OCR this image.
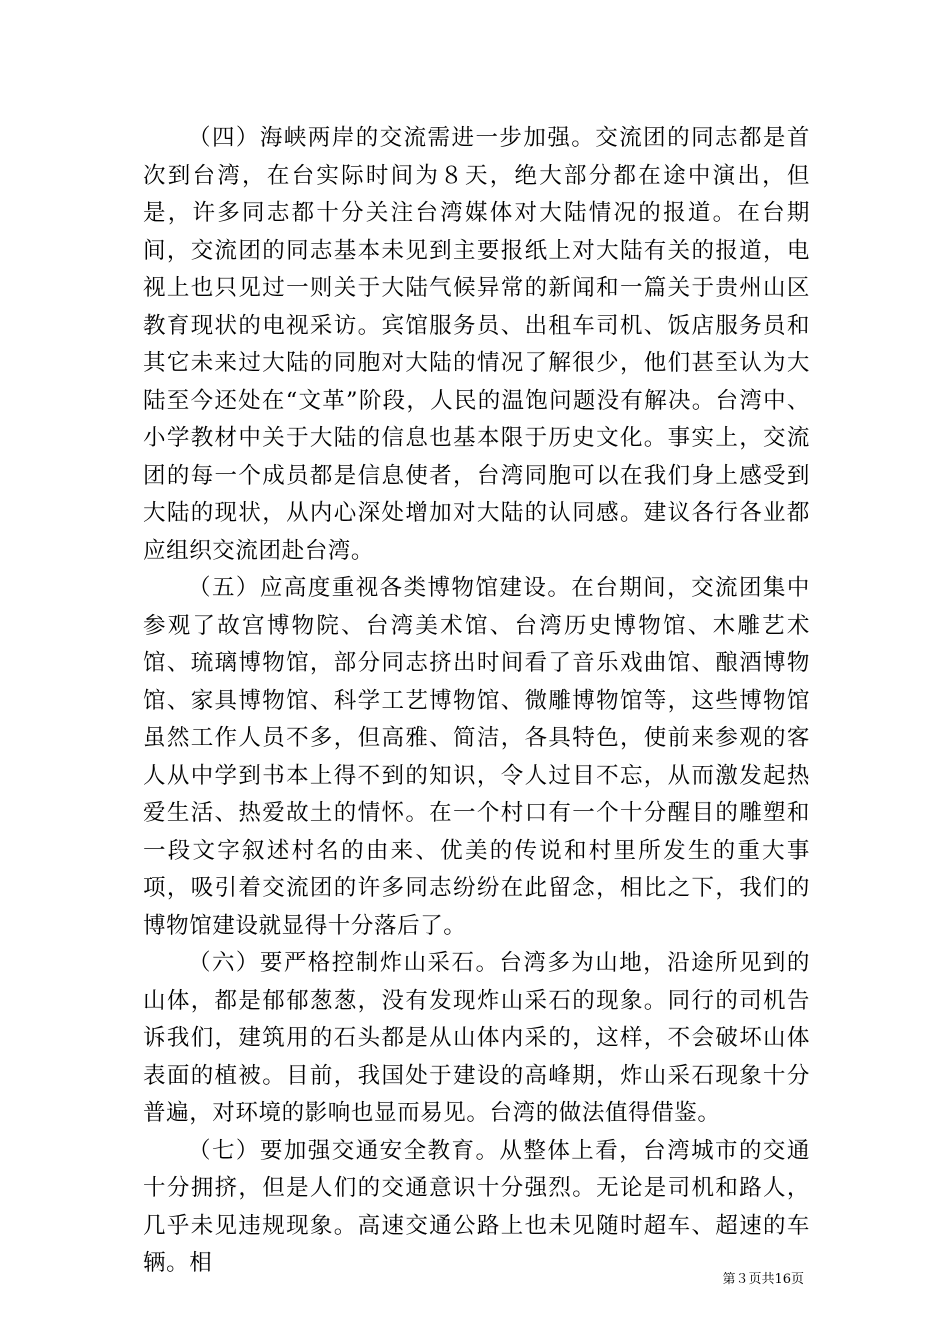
（四）海峡两岸的交流需进一步加强。交流团的同志都是首次到台湾，在台实际时间为８天，绝大部分都在途中演出，但是，许多同志都十分关注台湾媒体对大陆情况的报道。在台期间，交流团的同志基本未见到主要报纸上对大陆有关的报道，电视上也只见过一则关于大陆气候异常的新闻和一篇关于贵州山区教育现状的电视采访。宾馆服务员、出租车司机、饭店服务员和其它未来过大陆的同胞对大陆的情况了解很少，他们甚至认为大陆至今还处在“文革”阶段，人民的温饱问题没有解决。台湾中、小学教材中关于大陆的信息也基本限于历史文化。事实上，交流团的每一个成员都是信息使者，台湾同胞可以在我们身上感受到大陆的现状，从内心深处增加对大陆的认同感。建议各行各业都应组织交流团赴台湾。

（五）应高度重视各类博物馆建设。在台期间，交流团集中参观了故宫博物院、台湾美术馆、台湾历史博物馆、木雕艺术馆、琉璃博物馆，部分同志挤出时间看了音乐戏曲馆、酿酒博物馆、家具博物馆、科学工艺博物馆、微雕博物馆等，这些博物馆虽然工作人员不多，但高雅、简洁，各具特色，使前来参观的客人从中学到书本上得不到的知识，令人过目不忘，从而激发起热爱生活、热爱故土的情怀。在一个村口有一个十分醒目的雕塑和一段文字叙述村名的由来、优美的传说和村里所发生的重大事项，吸引着交流团的许多同志纷纷在此留念，相比之下，我们的博物馆建设就显得十分落后了。

（六）要严格控制炸山采石。台湾多为山地，沿途所见到的山体，都是郁郁葱葱，没有发现炸山采石的现象。同行的司机告诉我们，建筑用的石头都是从山体内采的，这样，不会破坏山体表面的植被。目前，我国处于建设的高峰期，炸山采石现象十分普遍，对环境的影响也显而易见。台湾的做法值得借鉴。

（七）要加强交通安全教育。从整体上看，台湾城市的交通十分拥挤，但是人们的交通意识十分强烈。无论是司机和路人，几乎未见违规现象。高速交通公路上也未见随时超车、超速的车辆。相

第３页共16页
